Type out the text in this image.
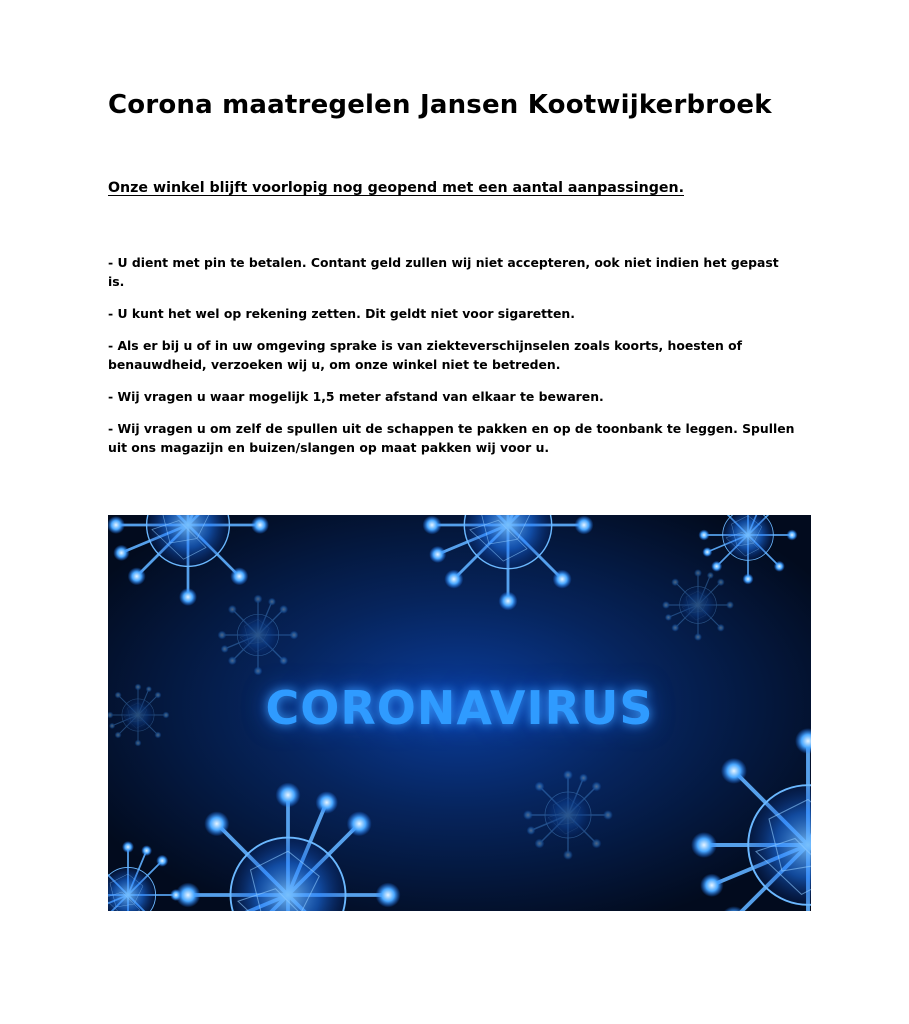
Corona maatregelen Jansen Kootwijkerbroek
Onze winkel blijft voorlopig nog geopend met een aantal aanpassingen.
- U dient met pin te betalen. Contant geld zullen wij niet accepteren, ook niet indien het gepast is.
- U kunt het wel op rekening zetten. Dit geldt niet voor sigaretten.
- Als er bij u of in uw omgeving sprake is van ziekteverschijnselen zoals koorts, hoesten of benauwdheid, verzoeken wij u, om onze winkel niet te betreden.
- Wij vragen u waar mogelijk 1,5 meter afstand van elkaar te bewaren.
- Wij vragen u om zelf de spullen uit de schappen te pakken en op de toonbank te leggen. Spullen uit ons magazijn en buizen/slangen op maat pakken wij voor u.
CORONAVIRUS
